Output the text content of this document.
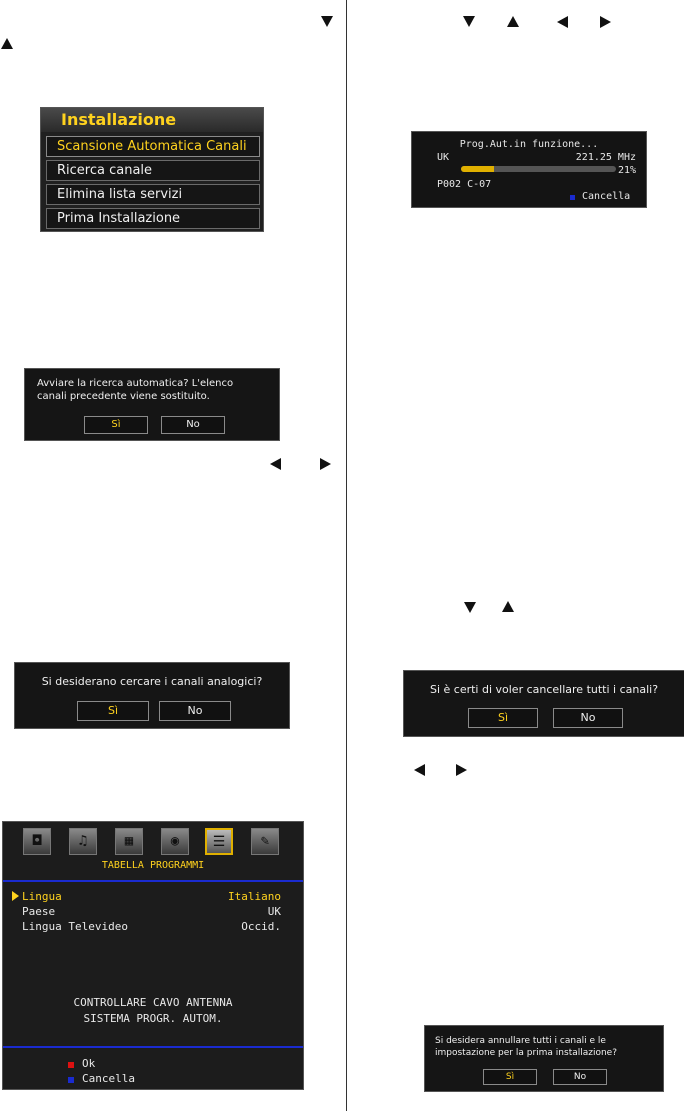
Installazione
Scansione Automatica Canali
Ricerca canale
Elimina lista servizi
Prima Installazione
Avviare la ricerca automatica? L'elenco
canali precedente viene sostituito.
Sì	No
Si desiderano cercare i canali analogici?
Sì	No
◘	♫	▦	◉	☰	✎
TABELLA PROGRAMMI
Lingua	Italiano
Paese	UK
Lingua Televideo	Occid.
CONTROLLARE CAVO ANTENNA
SISTEMA PROGR. AUTOM.
Ok
Cancella
Prog.Aut.in funzione...
UK	221.25 MHz
21%
P002 C-07
Cancella
Si è certi di voler cancellare tutti i canali?
Sì	No
Si desidera annullare tutti i canali e le
impostazione per la prima installazione?
Sì	No
